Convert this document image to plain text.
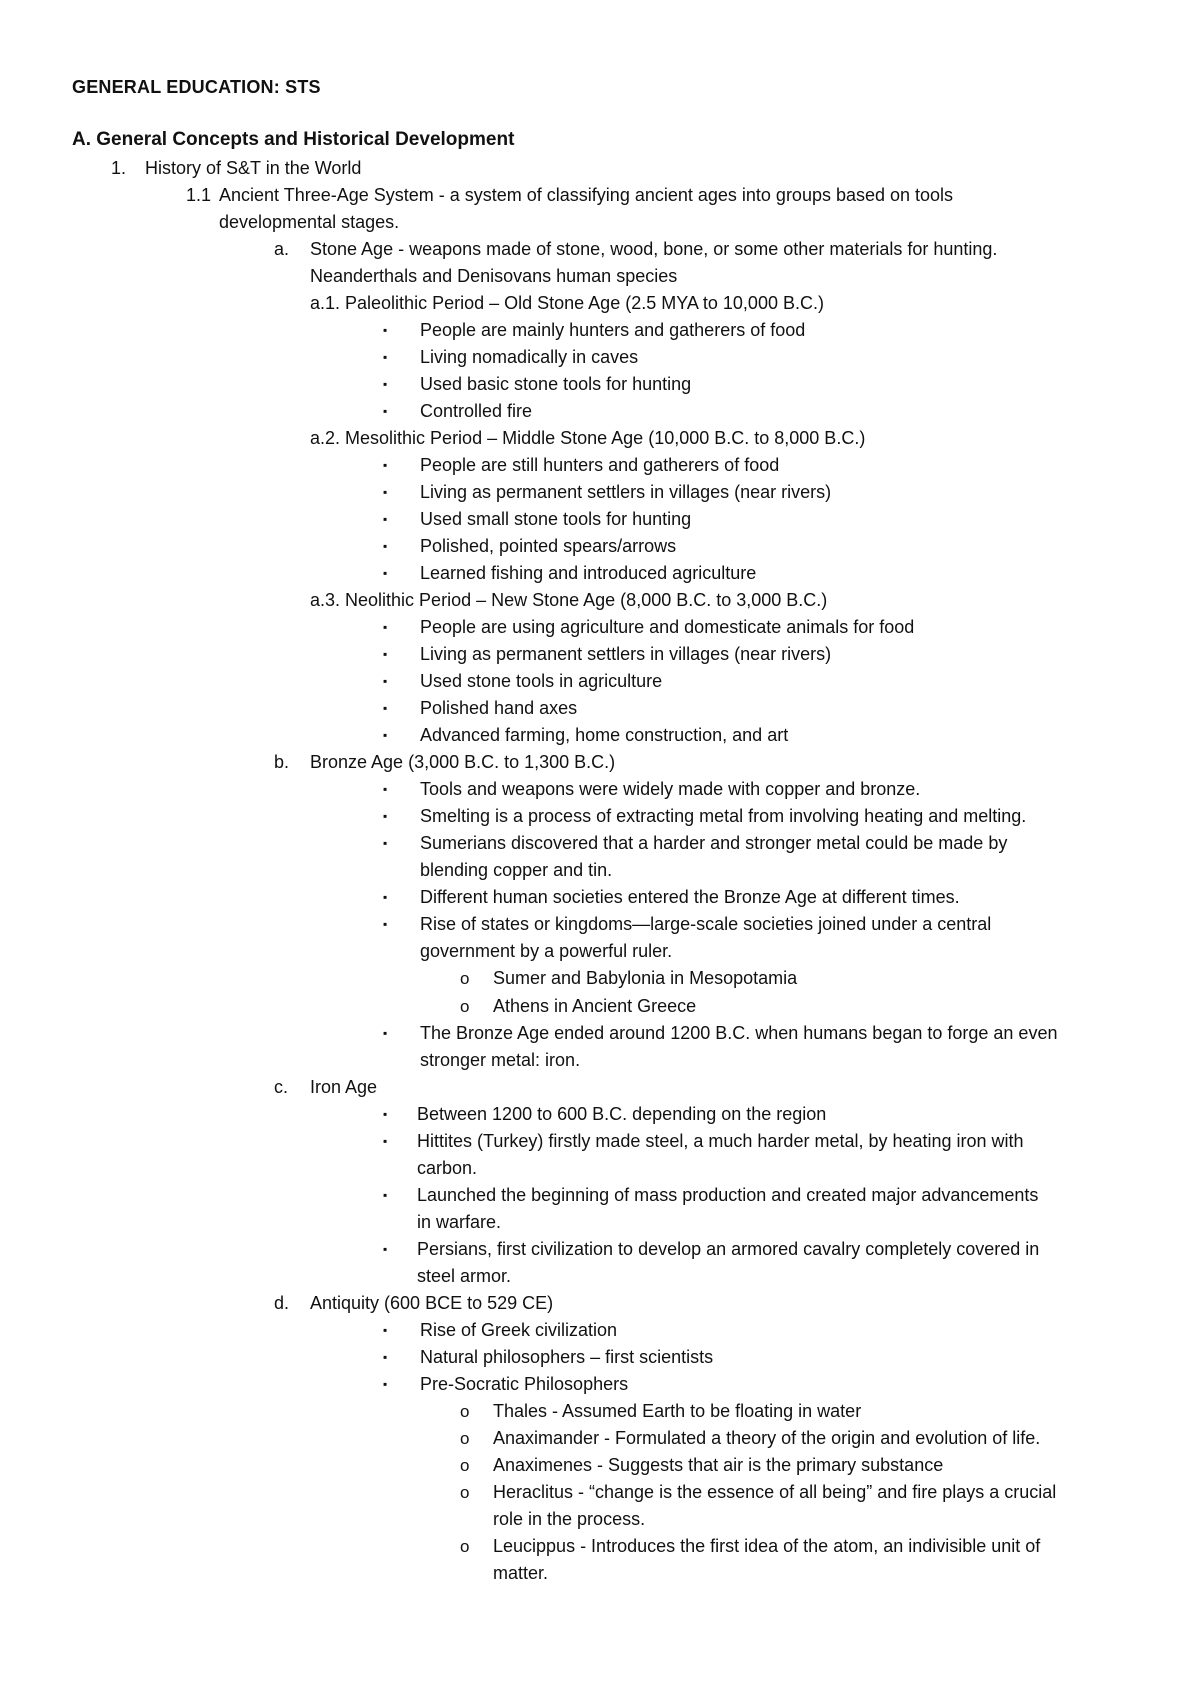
GENERAL EDUCATION: STS
A. General Concepts and Historical Development
1. History of S&T in the World
1.1 Ancient Three-Age System - a system of classifying ancient ages into groups based on tools
developmental stages.
a. Stone Age - weapons made of stone, wood, bone, or some other materials for hunting.
Neanderthals and Denisovans human species
a.1. Paleolithic Period – Old Stone Age (2.5 MYA to 10,000 B.C.)
▪ People are mainly hunters and gatherers of food
▪ Living nomadically in caves
▪ Used basic stone tools for hunting
▪ Controlled fire
a.2. Mesolithic Period – Middle Stone Age (10,000 B.C. to 8,000 B.C.)
▪ People are still hunters and gatherers of food
▪ Living as permanent settlers in villages (near rivers)
▪ Used small stone tools for hunting
▪ Polished, pointed spears/arrows
▪ Learned fishing and introduced agriculture
a.3. Neolithic Period – New Stone Age (8,000 B.C. to 3,000 B.C.)
▪ People are using agriculture and domesticate animals for food
▪ Living as permanent settlers in villages (near rivers)
▪ Used stone tools in agriculture
▪ Polished hand axes
▪ Advanced farming, home construction, and art
b. Bronze Age (3,000 B.C. to 1,300 B.C.)
▪ Tools and weapons were widely made with copper and bronze.
▪ Smelting is a process of extracting metal from involving heating and melting.
▪ Sumerians discovered that a harder and stronger metal could be made by
blending copper and tin.
▪ Different human societies entered the Bronze Age at different times.
▪ Rise of states or kingdoms—large-scale societies joined under a central
government by a powerful ruler.
o Sumer and Babylonia in Mesopotamia
o Athens in Ancient Greece
▪ The Bronze Age ended around 1200 B.C. when humans began to forge an even
stronger metal: iron.
c. Iron Age
▪ Between 1200 to 600 B.C. depending on the region
▪ Hittites (Turkey) firstly made steel, a much harder metal, by heating iron with
carbon.
▪ Launched the beginning of mass production and created major advancements
in warfare.
▪ Persians, first civilization to develop an armored cavalry completely covered in
steel armor.
d. Antiquity (600 BCE to 529 CE)
▪ Rise of Greek civilization
▪ Natural philosophers – first scientists
▪ Pre-Socratic Philosophers
o Thales - Assumed Earth to be floating in water
o Anaximander - Formulated a theory of the origin and evolution of life.
o Anaximenes - Suggests that air is the primary substance
o Heraclitus - “change is the essence of all being” and fire plays a crucial
role in the process.
o Leucippus - Introduces the first idea of the atom, an indivisible unit of
matter.
